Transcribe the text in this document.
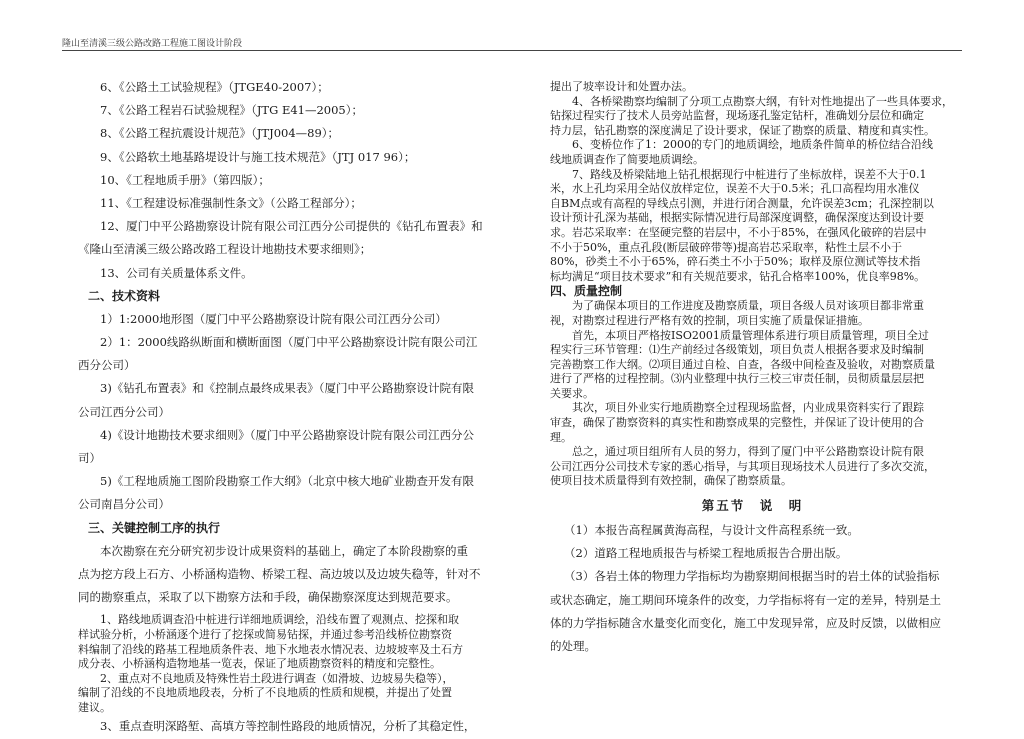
隆山至清溪三级公路改路工程施工图设计阶段
6、《公路土工试验规程》（JTGE40-2007）；
7、《公路工程岩石试验规程》（JTG E41—2005）；
8、《公路工程抗震设计规范》（JTJ004—89）；
9、《公路软土地基路堤设计与施工技术规范》（JTJ 017 96）；
10、《工程地质手册》（第四版）；
11、《工程建设标准强制性条文》（公路工程部分）；
12、厦门中平公路勘察设计院有限公司江西分公司提供的《钻孔布置表》和
《隆山至清溪三级公路改路工程设计地勘技术要求细则》；
13、公司有关质量体系文件。
二、技术资料
1）1:2000地形图（厦门中平公路勘察设计院有限公司江西分公司）
2）1：2000线路纵断面和横断面图（厦门中平公路勘察设计院有限公司江
西分公司）
3)《钻孔布置表》和《控制点最终成果表》（厦门中平公路勘察设计院有限
公司江西分公司）
4)《设计地勘技术要求细则》（厦门中平公路勘察设计院有限公司江西分公
司）
5)《工程地质施工图阶段勘察工作大纲》（北京中核大地矿业勘查开发有限
公司南昌分公司）
三、关键控制工序的执行
本次勘察在充分研究初步设计成果资料的基础上，确定了本阶段勘察的重
点为挖方段上石方、小桥涵构造物、桥梁工程、高边坡以及边坡失稳等，针对不
同的勘察重点，采取了以下勘察方法和手段，确保勘察深度达到规范要求。
1、路线地质调查沿中桩进行详细地质调绘，沿线布置了观测点、挖探和取
样试验分析，小桥涵逐个进行了挖探或简易钻探，并通过参考沿线桥位勘察资
料编制了沿线的路基工程地质条件表、地下水地表水情况表、边坡坡率及土石方
成分表、小桥涵构造物地基一览表，保证了地质勘察资料的精度和完整性。
2、重点对不良地质及特殊性岩土段进行调查（如滑坡、边坡易失稳等），
编制了沿线的不良地质地段表，分析了不良地质的性质和规模，并提出了处置
建议。
3、重点查明深路堑、高填方等控制性路段的地质情况，分析了其稳定性，
提出了坡率设计和处置办法。
4、各桥梁勘察均编制了分项工点勘察大纲，有针对性地提出了一些具体要求，
钻探过程实行了技术人员旁站监督，现场逐孔鉴定钻杆，准确划分层位和确定
持力层，钻孔勘察的深度满足了设计要求，保证了勘察的质量、精度和真实性。
6、变桥位作了1：2000的专门的地质调绘，地质条件简单的桥位结合沿线
线地质调查作了简要地质调绘。
7、路线及桥梁陆地上钻孔根据现行中桩进行了坐标放样，误差不大于0.1
米，水上孔均采用全站仪放样定位，误差不大于0.5米；孔口高程均用水准仪
自BM点或有高程的导线点引测，并进行闭合测量，允许误差3cm；孔深控制以
设计预计孔深为基础，根据实际情况进行局部深度调整，确保深度达到设计要
求。岩芯采取率：在坚硬完整的岩层中，不小于85%，在强风化破碎的岩层中
不小于50%，重点孔段(断层破碎带等)提高岩芯采取率，粘性土层不小于
80%，砂类土不小于65%，碎石类土不小于50%；取样及原位测试等技术指
标均满足“项目技术要求”和有关规范要求，钻孔合格率100%，优良率98%。
四、质量控制
为了确保本项目的工作进度及勘察质量，项目各级人员对该项目都非常重
视，对勘察过程进行严格有效的控制，项目实施了质量保证措施。
首先，本项目严格按ISO2001质量管理体系进行项目质量管理，项目全过
程实行三环节管理：⑴生产前经过各级策划，项目负责人根据各要求及时编制
完善勘察工作大纲。⑵项目通过自检、自查，各级中间检查及验收，对勘察质量
进行了严格的过程控制。⑶内业整理中执行三校三审责任制，员彻质量层层把
关要求。
其次，项目外业实行地质勘察全过程现场监督，内业成果资料实行了跟踪
审查，确保了勘察资料的真实性和勘察成果的完整性，并保证了设计使用的合
理。
总之，通过项目组所有人员的努力，得到了厦门中平公路勘察设计院有限
公司江西分公司技术专家的悉心指导，与其项目现场技术人员进行了多次交流，
使项目技术质量得到有效控制，确保了勘察质量。
第五节　说　明
（1）本报告高程属黄海高程，与设计文件高程系统一致。
（2）道路工程地质报告与桥梁工程地质报告合册出版。
（3）各岩土体的物理力学指标均为勘察期间根据当时的岩土体的试验指标
或状态确定，施工期间环境条件的改变，力学指标将有一定的差异，特别是土
体的力学指标随含水量变化而变化，施工中发现异常，应及时反馈，以做相应
的处理。
